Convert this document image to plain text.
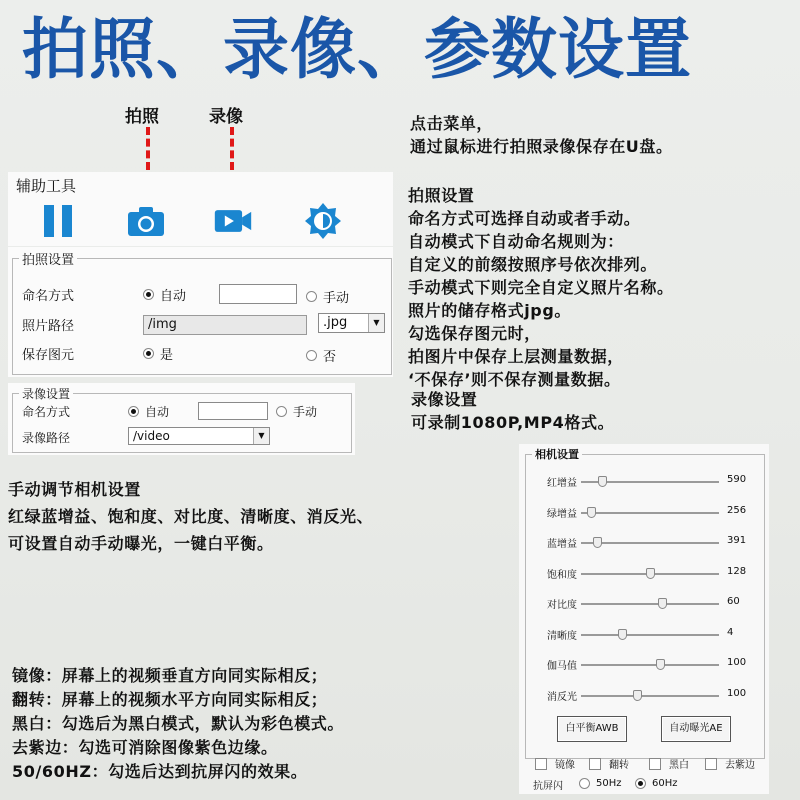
拍照、录像、参数设置
拍照	录像
辅助工具
拍照设置
命名方式	自动	手动
照片路径	/img	.jpg	▼
保存图元	是	否
录像设置
命名方式	自动	手动
录像路径	/video	▼
点击菜单，
通过鼠标进行拍照录像保存在U盘。
拍照设置
命名方式可选择自动或者手动。
自动模式下自动命名规则为：
自定义的前缀按照序号依次排列。
手动模式下则完全自定义照片名称。
照片的储存格式jpg。
勾选保存图元时，
拍图片中保存上层测量数据，
‘不保存’则不保存测量数据。
录像设置
可录制1080P,MP4格式。
手动调节相机设置
红绿蓝增益、饱和度、对比度、清晰度、消反光、
可设置自动手动曝光，一键白平衡。
镜像：屏幕上的视频垂直方向同实际相反；
翻转：屏幕上的视频水平方向同实际相反；
黑白：勾选后为黑白模式，默认为彩色模式。
去紫边：勾选可消除图像紫色边缘。
50/60HZ：勾选后达到抗屏闪的效果。
相机设置
红增益	590
绿增益	256
蓝增益	391
饱和度	128
对比度	60
清晰度	4
伽马值	100
消反光	100
白平衡AWB	自动曝光AE
镜像	翻转	黑白	去紫边
抗屏闪	50Hz	60Hz
